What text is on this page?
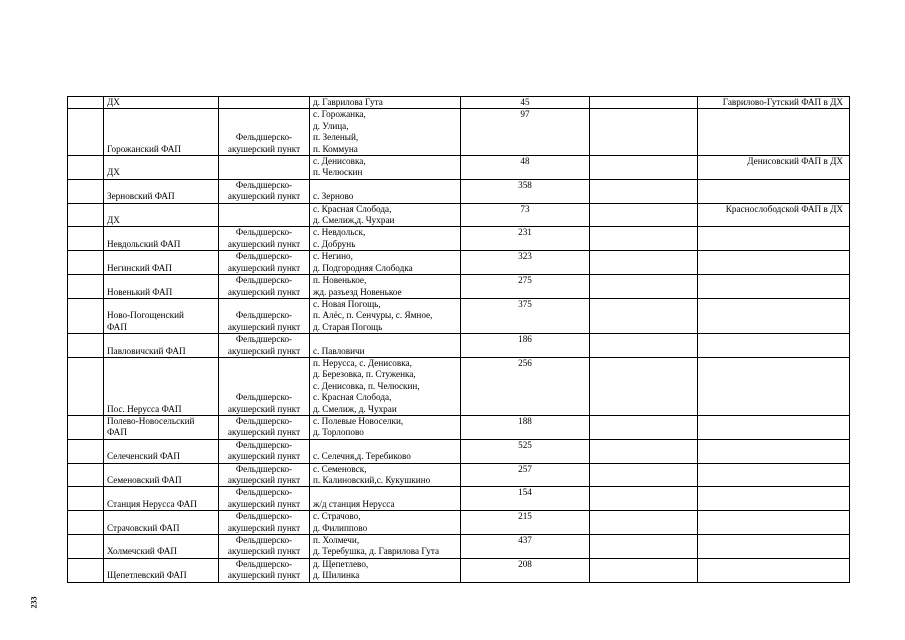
	ДХ		д. Гаврилова Гута	45		Гаврилово-Гутский ФАП в ДХ
	Горожанский ФАП	Фельдшерско-
акушерский пункт	с. Горожанка,
д. Улица,
п. Зеленый,
п. Коммуна	97		
	ДХ		с. Денисовка,
п. Челюскин	48		Денисовский ФАП в ДХ
	Зерновский ФАП	Фельдшерско-
акушерский пункт	с. Зерново	358		
	ДХ		с. Красная Слобода,
д. Смелиж,д. Чухраи	73		Краснослободской ФАП в ДХ
	Невдольский ФАП	Фельдшерско-
акушерский пункт	с. Невдольск,
с. Добрунь	231		
	Негинский ФАП	Фельдшерско-
акушерский пункт	с. Негино,
д. Подгородняя Слободка	323		
	Новенький ФАП	Фельдшерско-
акушерский пункт	п. Новенькое,
жд. разъезд Новенькое	275		
	Ново-Погощенский
ФАП	Фельдшерско-
акушерский пункт	с. Новая Погощь,
п. Алёс, п. Сенчуры, с. Ямное,
д. Старая Погощь	375		
	Павловичский ФАП	Фельдшерско-
акушерский пункт	с. Павловичи	186		
	Пос. Нерусса ФАП	Фельдшерско-
акушерский пункт	п. Нерусса, с. Денисовка,
д. Березовка, п. Стуженка,
с. Денисовка, п. Челюскин,
с. Красная Слобода,
д. Смелиж, д. Чухраи	256		
	Полево-Новосельский
ФАП	Фельдшерско-
акушерский пункт	с. Полевые Новоселки,
д. Торлопово	188		
	Селеченский ФАП	Фельдшерско-
акушерский пункт	с. Селечня,д. Теребиково	525		
	Семеновский ФАП	Фельдшерско-
акушерский пункт	с. Семеновск,
п. Калиновский,с. Кукушкино	257		
	Станция Нерусса ФАП	Фельдшерско-
акушерский пункт	ж/д станция Нерусса	154		
	Страчовский ФАП	Фельдшерско-
акушерский пункт	с. Страчово,
д. Филиппово	215		
	Холмечский ФАП	Фельдшерско-
акушерский пункт	п. Холмечи,
д. Теребушка, д. Гаврилова Гута	437		
	Щепетлевский ФАП	Фельдшерско-
акушерский пункт	д. Щепетлево,
д. Шилинка	208		
233
